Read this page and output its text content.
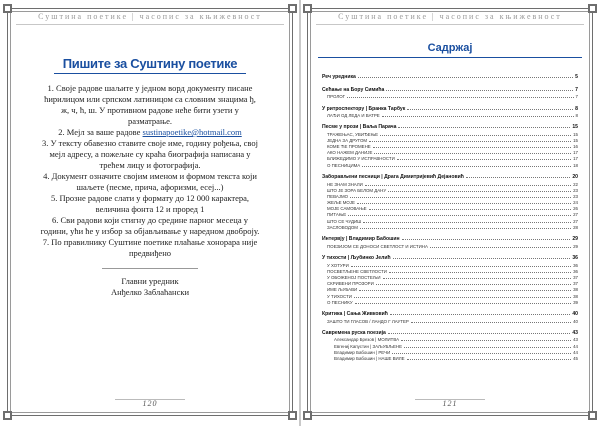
Суштина поетике | часопис за књижевност
Пишите за Суштину поетике

1. Своје радове шаљите у једном ворд документу писане ћирилицом или српском латиницом са словним знацима ђ, ж, ч, ћ, ш. У противном радове неће бити узети у разматрање.

2. Мејл за ваше радове sustinapoetike@hotmail.com

3. У тексту обавезно ставите своје име, годину рођења, свој мејл адресу, а пожељне су краћа биографија написана у трећем лицу и фотографија.

4. Документ означите својим именом и формом текста који шаљете (песме, прича, афоризми, есеј...)

5. Прозне радове слати у формату до 12 000 карактера, величина фонта 12 и проред 1

6. Сви радови који стигну до средине парног месеца у години, ући ће у избор за објављивање у наредном двоброју.

7. По правилнику Суштине поетике плаћање хонорара није предвиђено

Главни уредник
Анђелко Заблаћански
120
Суштина поетике | часопис за књижевност
Садржај
Реч уредника	5
Сећање на Бору Симића	7
ПРОЛОГ	7
У ритроспектору | Бранка Тарбук	8
ЛАЂИ ОД ЛЕДА И ВАТРЕ	8
Песме у прози | Ваља Парача	15
ТРАЖЕЊАС, УВИЂЕЊЕ	15
ЈЕДНА ЗА ДРУГОМ	15
КОМЕ ЋЕ ПРОМЕНЕ	16
АКО НАЖЕМ ДАНИЈЕ	17
БЛИЖЕДИМО У ИСПРАВНОСТИ	17
О ПЕСНИЦИМА	18
Заборављени песници | Драга Димитријевић Дејановић	20
НЕ ЗНАМ ЗНАЛИ	22
ШТО ЈЕ ЗОРА БЕЛОМ ДАНУ	23
ПЕВАЈМО	23
ЖЕЉЕ МОЈЕ	24
МОЈЕ САМОВАЊЕ	26
ПИТАЊЕ	27
ШТО СЕ ЧУДИШ	27
ЗАСЛОВОДОМ	28
Интервју | Владимир Бабошин	29
ПОЕЗИЈОМ СЕ ДОНОСИ СВЕТЛОСТ И ИСТИНА	29
У тихости | Љубинко Јелић	36
У ХОТУРИ	36
ПОСВЕТЉЕНЕ СВЕТЛОСТИ	36
У ОБОЖЕНОЈ ПОСТЕЉИ	37
СКРИВЕНИ ПРОЗОРИ	37
ИМЕ ЉУБАВИ	38
У ТИХОСТИ	38
О ПЕСНИКУ	39
Критика | Сања Живковић	40
ЗАШТО ТИ ГЛАСОВ / ЛАНДО Г ЛАУТЕР	40
Савремена руска поезија	43
Александар Брезов | МОЛИТВА	43
Евгениј Капустин | ЗАЉУБЉЕНЕ	44
Владимир Бабошин | РЕЧИ	44
Владимир Бабошин | НАШЕ ВИЛЕ	45
121
